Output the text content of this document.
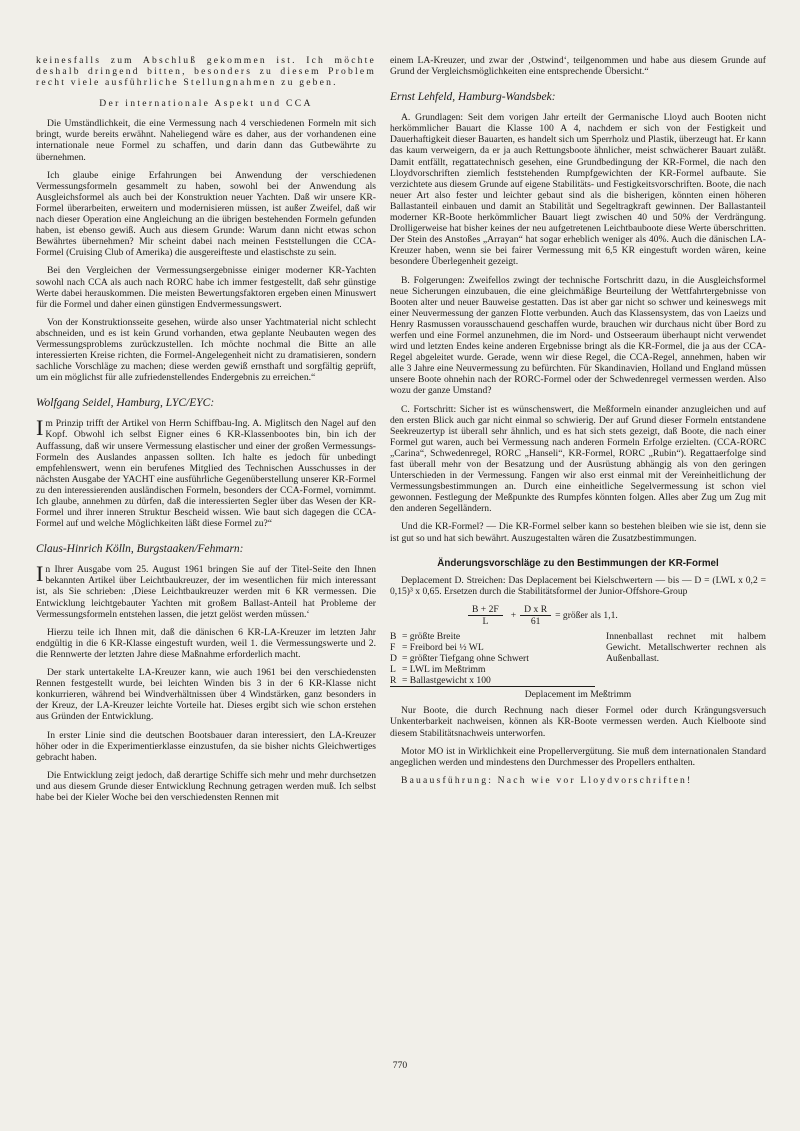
keinesfalls zum Abschluß gekommen ist. Ich möchte deshalb dringend bitten, besonders zu diesem Problem recht viele ausführliche Stellungnahmen zu geben.

Der internationale Aspekt und CCA

Die Umständlichkeit, die eine Vermessung nach 4 verschiedenen Formeln mit sich bringt, wurde bereits erwähnt. Naheliegend wäre es daher, aus der vorhandenen eine internationale neue Formel zu schaffen, und darin dann das Gutbewährte zu übernehmen.

Ich glaube einige Erfahrungen bei Anwendung der verschiedenen Vermessungsformeln gesammelt zu haben, sowohl bei der Anwendung als Ausgleichsformel als auch bei der Konstruktion neuer Yachten. Daß wir unsere KR-Formel überarbeiten, erweitern und modernisieren müssen, ist außer Zweifel, daß wir nach dieser Operation eine Angleichung an die übrigen bestehenden Formeln gefunden haben, ist ebenso gewiß. Auch aus diesem Grunde: Warum dann nicht etwas schon Bewährtes übernehmen? Mir scheint dabei nach meinen Feststellungen die CCA-Formel (Cruising Club of Amerika) die ausgereifteste und elastischste zu sein.

Bei den Vergleichen der Vermessungsergebnisse einiger moderner KR-Yachten sowohl nach CCA als auch nach RORC habe ich immer festgestellt, daß sehr günstige Werte dabei herauskommen. Die meisten Bewertungsfaktoren ergeben einen Minuswert für die Formel und daher einen günstigen Endvermessungswert.

Von der Konstruktionsseite gesehen, würde also unser Yachtmaterial nicht schlecht abschneiden, und es ist kein Grund vorhanden, etwa geplante Neubauten wegen des Vermessungsproblems zurückzustellen. Ich möchte nochmal die Bitte an alle interessierten Kreise richten, die Formel-Angelegenheit nicht zu dramatisieren, sondern sachliche Vorschläge zu machen; diese werden gewiß ernsthaft und sorgfältig geprüft, um ein möglichst für alle zufriedenstellendes Endergebnis zu erreichen.“

Wolfgang Seidel, Hamburg, LYC/EYC:

Im Prinzip trifft der Artikel von Herrn Schiffbau-Ing. A. Miglitsch den Nagel auf den Kopf. Obwohl ich selbst Eigner eines 6 KR-Klassenbootes bin, bin ich der Auffassung, daß wir unsere Vermessung elastischer und einer der großen Vermessungs-Formeln des Auslandes anpassen sollten. Ich halte es jedoch für unbedingt empfehlenswert, wenn ein berufenes Mitglied des Technischen Ausschusses in der nächsten Ausgabe der YACHT eine ausführliche Gegenüberstellung unserer KR-Formel zu den interessierenden ausländischen Formeln, besonders der CCA-Formel, vornimmt. Ich glaube, annehmen zu dürfen, daß die interessierten Segler über das Wesen der KR-Formel und ihrer inneren Struktur Bescheid wissen. Wie baut sich dagegen die CCA-Formel auf und welche Möglichkeiten läßt diese Formel zu?“

Claus-Hinrich Kölln, Burgstaaken/Fehmarn:

In Ihrer Ausgabe vom 25. August 1961 bringen Sie auf der Titel-Seite den Ihnen bekannten Artikel über Leichtbaukreuzer, der im wesentlichen für mich interessant ist, als Sie schrieben: ‚Diese Leichtbaukreuzer werden mit 6 KR vermessen. Die Entwicklung leichtgebauter Yachten mit großem Ballast-Anteil hat Probleme der Vermessungsformeln entstehen lassen, die jetzt gelöst werden müssen.‘

Hierzu teile ich Ihnen mit, daß die dänischen 6 KR-LA-Kreuzer im letzten Jahr endgültig in die 6 KR-Klasse eingestuft wurden, weil 1. die Vermessungswerte und 2. die Rennwerte der letzten Jahre diese Maßnahme erforderlich macht.

Der stark untertakelte LA-Kreuzer kann, wie auch 1961 bei den verschiedensten Rennen festgestellt wurde, bei leichten Winden bis 3 in der 6 KR-Klasse nicht konkurrieren, während bei Windverhältnissen über 4 Windstärken, ganz besonders in der Kreuz, der LA-Kreuzer leichte Vorteile hat. Dieses ergibt sich wie schon erstehen aus Gründen der Entwicklung.

In erster Linie sind die deutschen Bootsbauer daran interessiert, den LA-Kreuzer höher oder in die Experimentierklasse einzustufen, da sie bisher nichts Gleichwertiges gebracht haben.

Die Entwicklung zeigt jedoch, daß derartige Schiffe sich mehr und mehr durchsetzen und aus diesem Grunde dieser Entwicklung Rechnung getragen werden muß. Ich selbst habe bei der Kieler Woche bei den verschiedensten Rennen mit

einem LA-Kreuzer, und zwar der ‚Ostwind‘, teilgenommen und habe aus diesem Grunde auf Grund der Vergleichsmöglichkeiten eine entsprechende Übersicht.“

Ernst Lehfeld, Hamburg-Wandsbek:

A. Grundlagen: Seit dem vorigen Jahr erteilt der Germanische Lloyd auch Booten nicht herkömmlicher Bauart die Klasse 100 A 4, nachdem er sich von der Festigkeit und Dauerhaftigkeit dieser Bauarten, es handelt sich um Sperrholz und Plastik, überzeugt hat. Er kann das kaum verweigern, da er ja auch Rettungsboote ähnlicher, meist schwächerer Bauart zuläßt. Damit entfällt, regattatechnisch gesehen, eine Grundbedingung der KR-Formel, die nach den Lloydvorschriften ziemlich feststehenden Rumpfgewichten der KR-Formel aufbaute. Sie verzichtete aus diesem Grunde auf eigene Stabilitäts- und Festigkeitsvorschriften. Boote, die nach neuer Art also fester und leichter gebaut sind als die bisherigen, könnten einen höheren Ballastanteil einbauen und damit an Stabilität und Segeltragkraft gewinnen. Der Ballastanteil moderner KR-Boote herkömmlicher Bauart liegt zwischen 40 und 50% der Verdrängung. Drolligerweise hat bisher keines der neu aufgetretenen Leichtbauboote diese Werte überschritten. Der Stein des Anstoßes „Arrayan“ hat sogar erheblich weniger als 40%. Auch die dänischen LA-Kreuzer haben, wenn sie bei fairer Vermessung mit 6,5 KR eingestuft worden wären, keine besondere Überlegenheit gezeigt.

B. Folgerungen: Zweifellos zwingt der technische Fortschritt dazu, in die Ausgleichsformel neue Sicherungen einzubauen, die eine gleichmäßige Beurteilung der Wettfahrtergebnisse von Booten alter und neuer Bauweise gestatten. Das ist aber gar nicht so schwer und keineswegs mit einer Neuvermessung der ganzen Flotte verbunden. Auch das Klassensystem, das von Laeizs und Henry Rasmussen vorausschauend geschaffen wurde, brauchen wir durchaus nicht über Bord zu werfen und eine Formel anzunehmen, die im Nord- und Ostseeraum überhaupt nicht verwendet wird und letzten Endes keine anderen Ergebnisse bringt als die KR-Formel, die ja aus der CCA-Regel abgeleitet wurde. Gerade, wenn wir diese Regel, die CCA-Regel, annehmen, haben wir alle 3 Jahre eine Neuvermessung zu befürchten. Für Skandinavien, Holland und England müssen unsere Boote ohnehin nach der RORC-Formel oder der Schwedenregel vermessen werden. Also wozu der ganze Umstand?

C. Fortschritt: Sicher ist es wünschenswert, die Meßformeln einander anzugleichen und auf den ersten Blick auch gar nicht einmal so schwierig. Der auf Grund dieser Formeln entstandene Seekreuzertyp ist überall sehr ähnlich, und es hat sich stets gezeigt, daß Boote, die nach einer Formel gut waren, auch bei Vermessung nach anderen Formeln Erfolge erzielten. (CCA-RORC „Carina“, Schwedenregel, RORC „Hanseli“, KR-Formel, RORC „Rubin“). Regattaerfolge sind fast überall mehr von der Besatzung und der Ausrüstung abhängig als von den geringen Unterschieden in der Vermessung. Fangen wir also erst einmal mit der Vereinheitlichung der Vermessungsbestimmungen an. Durch eine einheitliche Segelvermessung ist schon viel gewonnen. Festlegung der Meßpunkte des Rumpfes könnten folgen. Alles aber Zug um Zug mit den anderen Segelländern.

Und die KR-Formel? — Die KR-Formel selber kann so bestehen bleiben wie sie ist, denn sie ist gut so und hat sich bewährt. Auszugestalten wären die Zusatzbestimmungen.

Änderungsvorschläge zu den Bestimmungen der KR-Formel

Deplacement D. Streichen: Das Deplacement bei Kielschwertern — bis — D = (LWL x 0,2 = 0,15)³ x 0,65. Ersetzen durch die Stabilitätsformel der Junior-Offshore-Group

$\frac{B + 2F}{L} + \frac{\text{D x R}}{61}$ = größer als 1,1.
B = größte Breite
F = Freibord bei ½ WL
D = größter Tiefgang ohne Schwert
L = LWL im Meßtrimm
R = Ballastgewicht x 100
Innenballast rechnet mit halbem Gewicht. Metallschwerter rechnen als Außenballast.
Deplacement im Meßtrimm

Nur Boote, die durch Rechnung nach dieser Formel oder durch Krängungsversuch Unkenterbarkeit nachweisen, können als KR-Boote vermessen werden. Auch Kielboote sind diesem Stabilitätsnachweis unterworfen.

Motor MO ist in Wirklichkeit eine Propellervergütung. Sie muß dem internationalen Standard angeglichen werden und mindestens den Durchmesser des Propellers enthalten.

Bauausführung: Nach wie vor Lloydvorschriften!

770
